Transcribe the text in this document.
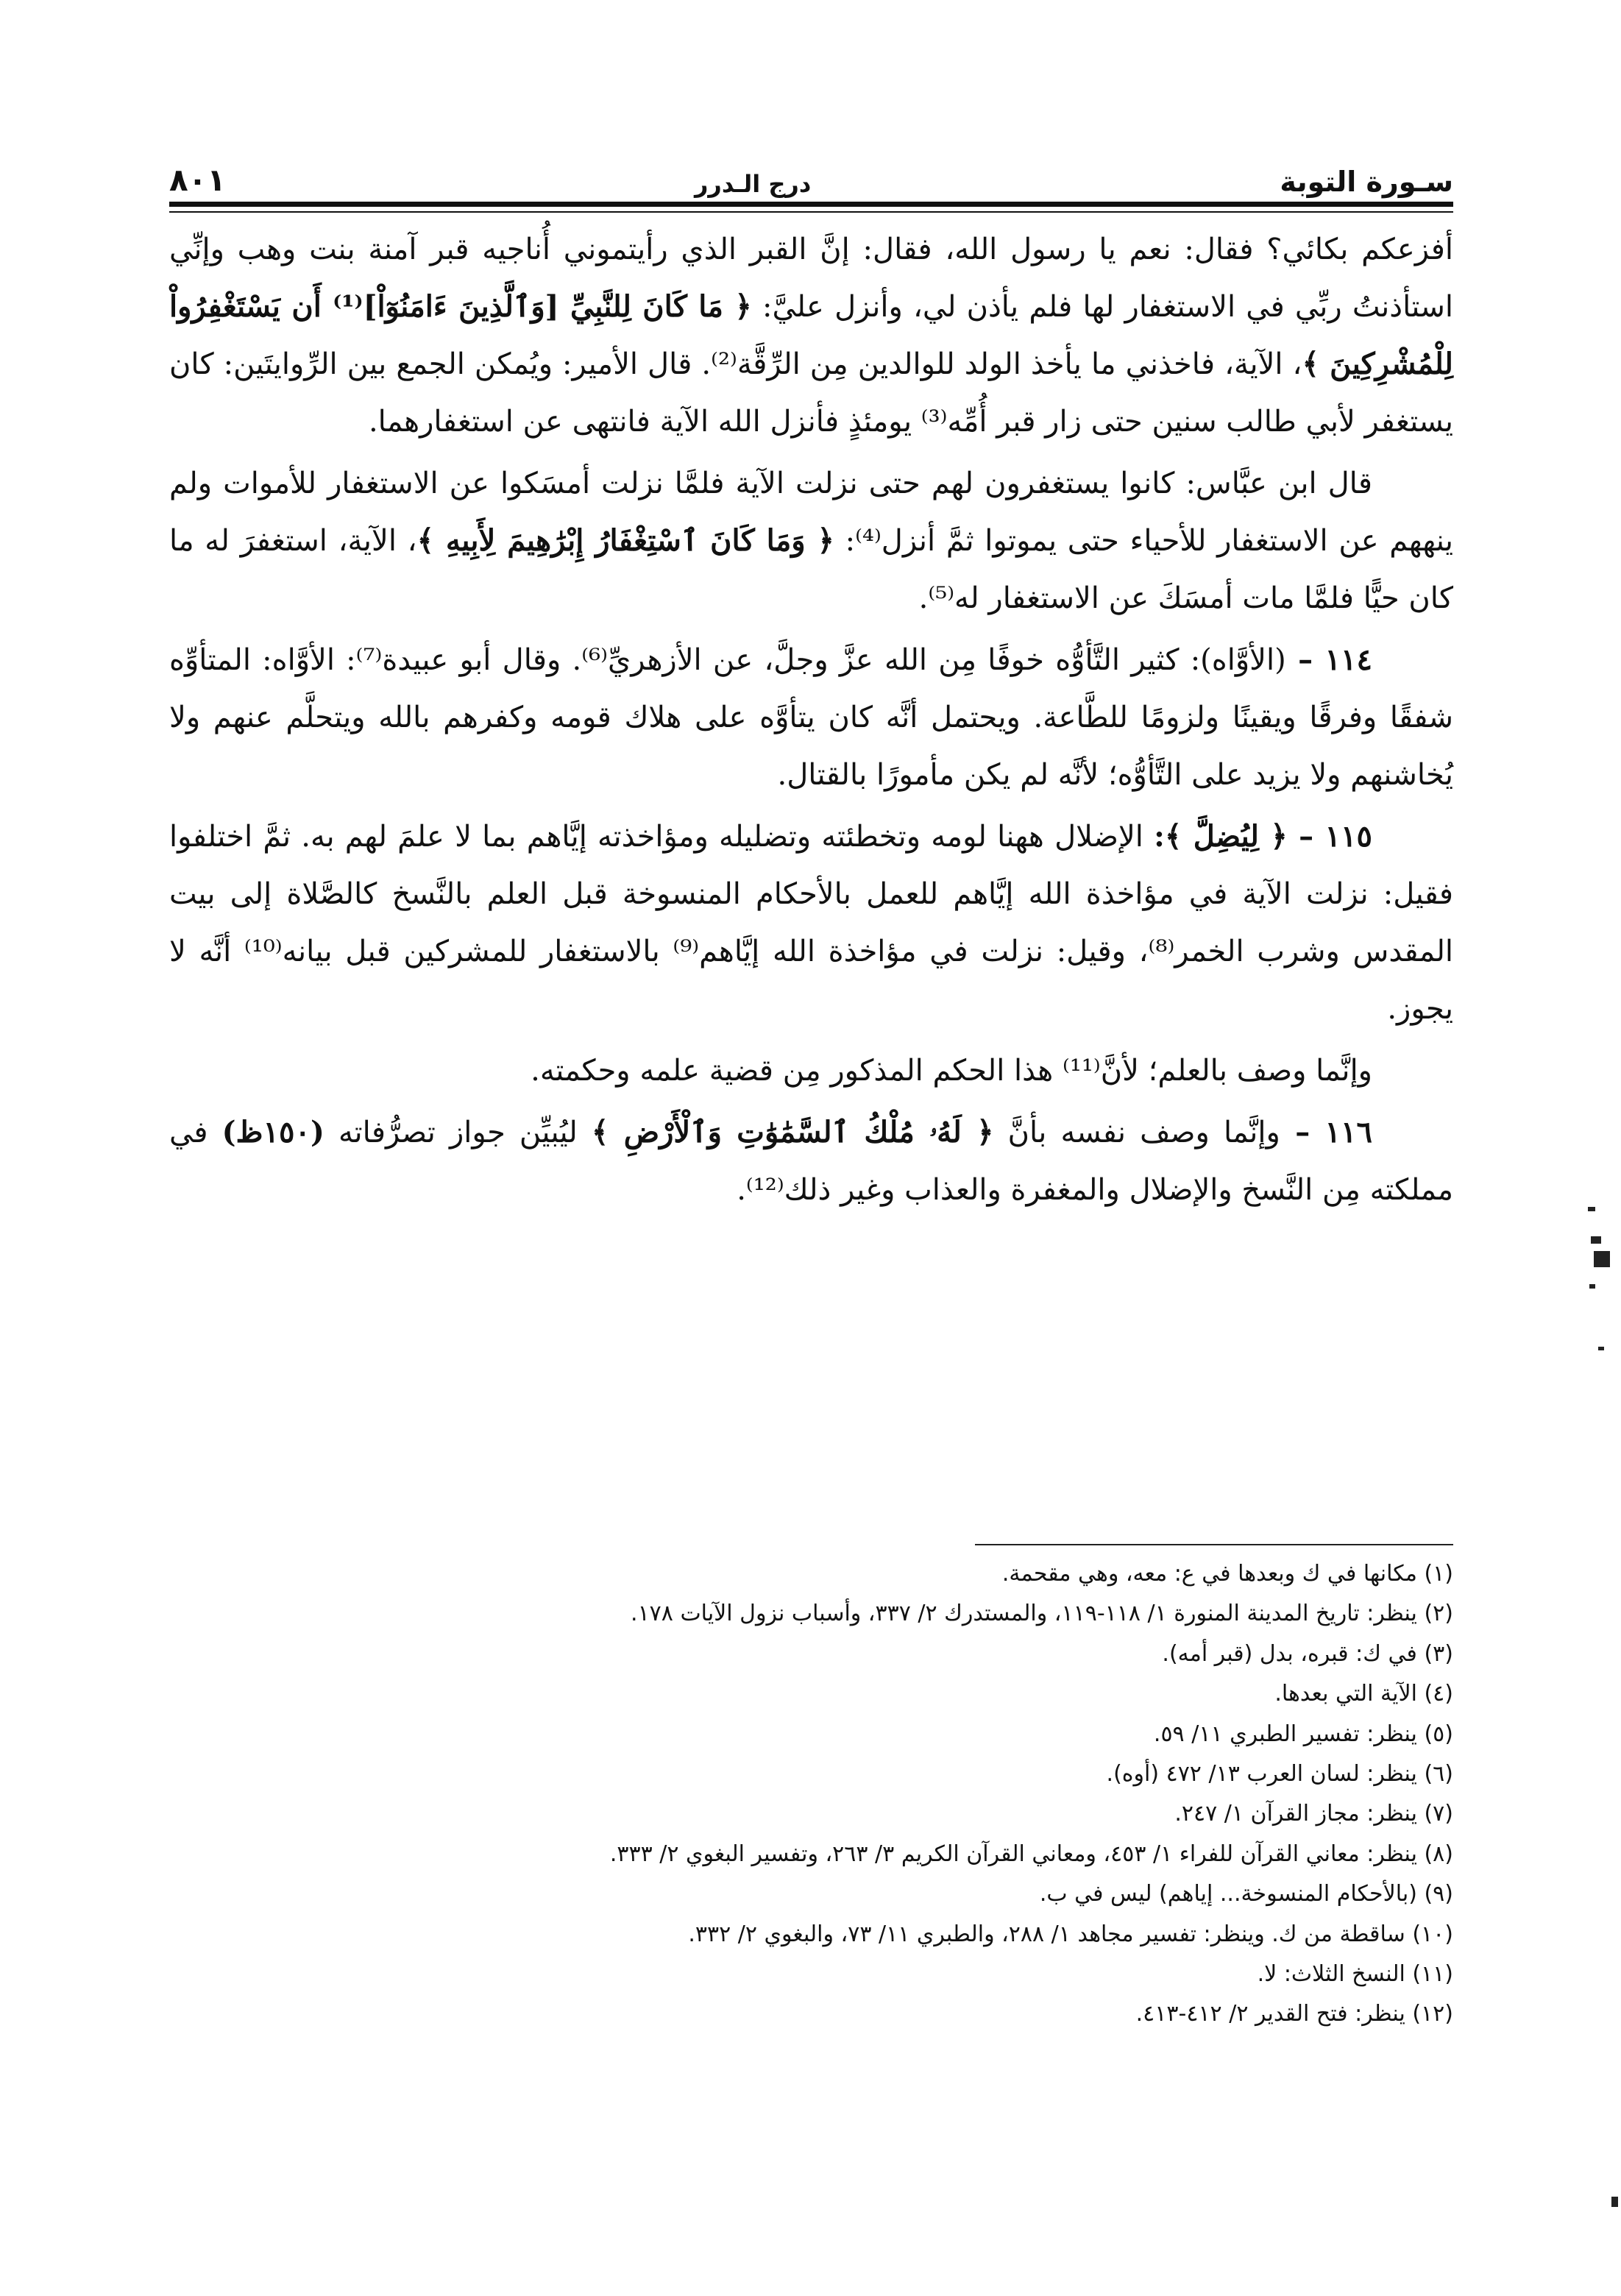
سـورة التوبة
درج الـدرر
٨٠١

أفزعكم بكائي؟ فقال: نعم يا رسول الله، فقال: إنَّ القبر الذي رأيتموني أُناجيه قبر آمنة بنت وهب وإنِّي استأذنتُ ربِّي في الاستغفار لها فلم يأذن لي، وأنزل عليَّ: ﴿ مَا كَانَ لِلنَّبِيِّ [وَٱلَّذِينَ ءَامَنُوٓاْ]⁽¹⁾ أَن يَسْتَغْفِرُواْ لِلْمُشْرِكِينَ ﴾، الآية، فاخذني ما يأخذ الولد للوالدين مِن الرِّقَّة⁽²⁾. قال الأمير: ويُمكن الجمع بين الرِّوايتَين: كان يستغفر لأبي طالب سنين حتى زار قبر أُمِّه⁽³⁾ يومئذٍ فأنزل الله الآية فانتهى عن استغفارهما.

قال ابن عبَّاس: كانوا يستغفرون لهم حتى نزلت الآية فلمَّا نزلت أمسَكوا عن الاستغفار للأموات ولم ينههم عن الاستغفار للأحياء حتى يموتوا ثمَّ أنزل⁽⁴⁾: ﴿ وَمَا كَانَ ٱسْتِغْفَارُ إِبْرَٰهِيمَ لِأَبِيهِ ﴾، الآية، استغفرَ له ما كان حيًّا فلمَّا مات أمسَكَ عن الاستغفار له⁽⁵⁾.

١١٤ – (الأوَّاه): كثير التَّأوُّه خوفًا مِن الله عزَّ وجلَّ، عن الأزهريِّ⁽⁶⁾. وقال أبو عبيدة⁽⁷⁾: الأوَّاه: المتأوِّه شفقًا وفرقًا ويقينًا ولزومًا للطَّاعة. ويحتمل أنَّه كان يتأوَّه على هلاك قومه وكفرهم بالله ويتحلَّم عنهم ولا يُخاشنهم ولا يزيد على التَّأوُّه؛ لأنَّه لم يكن مأمورًا بالقتال.

١١٥ – ﴿ لِيُضِلَّ ﴾: الإضلال ههنا لومه وتخطئته وتضليله ومؤاخذته إيَّاهم بما لا علمَ لهم به. ثمَّ اختلفوا فقيل: نزلت الآية في مؤاخذة الله إيَّاهم للعمل بالأحكام المنسوخة قبل العلم بالنَّسخ كالصَّلاة إلى بيت المقدس وشرب الخمر⁽⁸⁾، وقيل: نزلت في مؤاخذة الله إيَّاهم⁽⁹⁾ بالاستغفار للمشركين قبل بيانه⁽¹⁰⁾ أنَّه لا يجوز.

وإنَّما وصف بالعلم؛ لأنَّ⁽¹¹⁾ هذا الحكم المذكور مِن قضية علمه وحكمته.

١١٦ – وإنَّما وصف نفسه بأنَّ ﴿ لَهُۥ مُلْكُ ٱلسَّمَٰوَٰتِ وَٱلْأَرْضِ ﴾ ليُبيِّن جواز تصرُّفاته (١٥٠ظ) في مملكته مِن النَّسخ والإضلال والمغفرة والعذاب وغير ذلك⁽¹²⁾.

(١) مكانها في ك وبعدها في ع: معه، وهي مقحمة.
(٢) ينظر: تاريخ المدينة المنورة ١/ ١١٨-١١٩، والمستدرك ٢/ ٣٣٧، وأسباب نزول الآيات ١٧٨.
(٣) في ك: قبره، بدل (قبر أمه).
(٤) الآية التي بعدها.
(٥) ينظر: تفسير الطبري ١١/ ٥٩.
(٦) ينظر: لسان العرب ١٣/ ٤٧٢ (أوه).
(٧) ينظر: مجاز القرآن ١/ ٢٤٧.
(٨) ينظر: معاني القرآن للفراء ١/ ٤٥٣، ومعاني القرآن الكريم ٣/ ٢٦٣، وتفسير البغوي ٢/ ٣٣٣.
(٩) (بالأحكام المنسوخة... إياهم) ليس في ب.
(١٠) ساقطة من ك. وينظر: تفسير مجاهد ١/ ٢٨٨، والطبري ١١/ ٧٣، والبغوي ٢/ ٣٣٢.
(١١) النسخ الثلاث: لا.
(١٢) ينظر: فتح القدير ٢/ ٤١٢-٤١٣.
